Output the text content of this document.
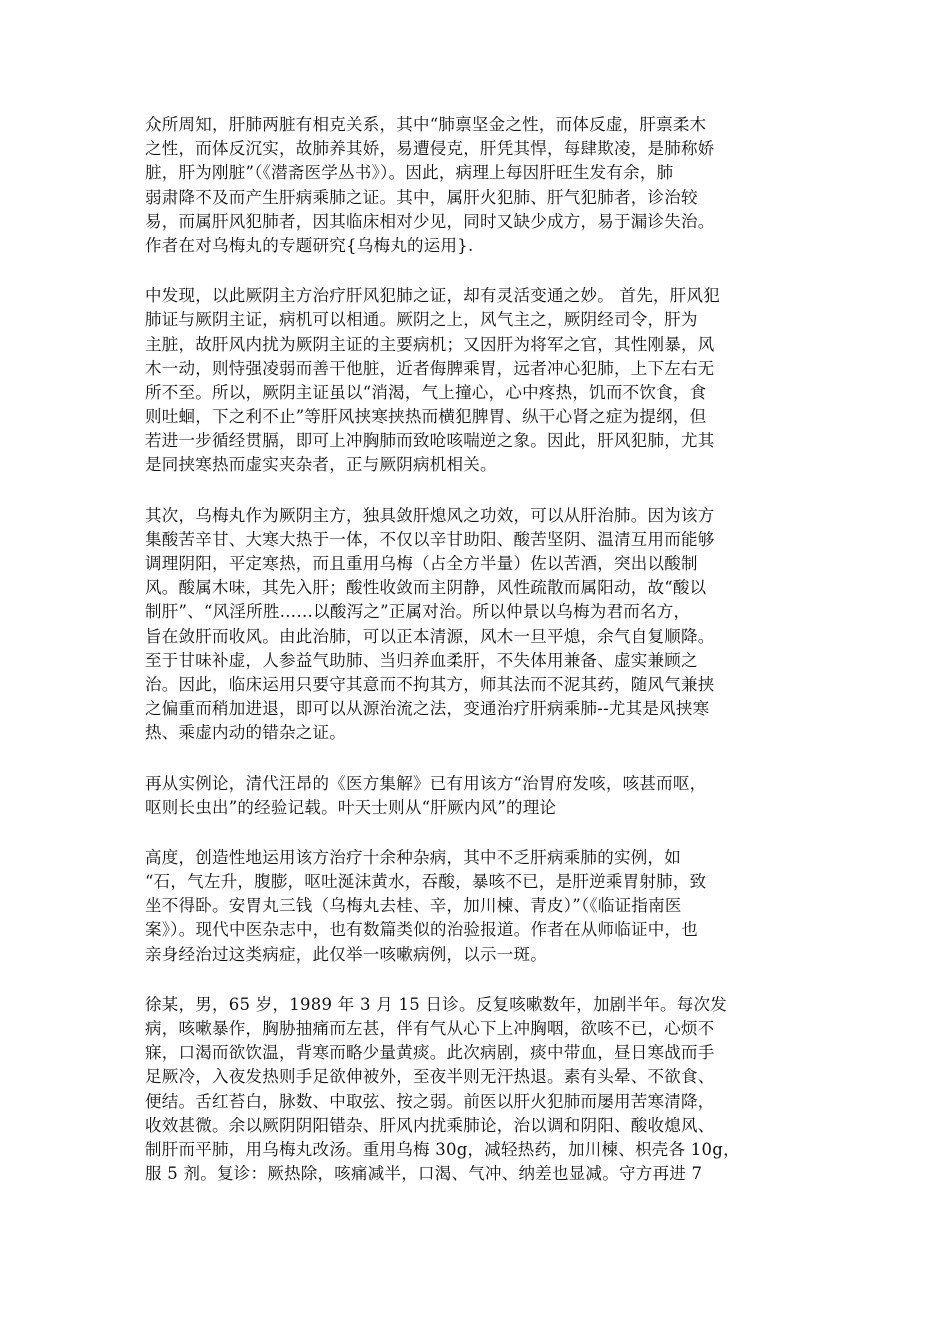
众所周知，肝肺两脏有相克关系，其中“肺禀坚金之性，而体反虚，肝禀柔木
之性，而体反沉实，故肺养其娇，易遭侵克，肝凭其悍，每肆欺凌，是肺称娇
脏，肝为刚脏”（《潜斋医学丛书》）。因此，病理上每因肝旺生发有余，肺
弱肃降不及而产生肝病乘肺之证。其中，属肝火犯肺、肝气犯肺者，诊治较
易，而属肝风犯肺者，因其临床相对少见，同时又缺少成方，易于漏诊失治。
作者在对乌梅丸的专题研究{乌梅丸的运用}.
中发现，以此厥阴主方治疗肝风犯肺之证，却有灵活变通之妙。 首先，肝风犯
肺证与厥阴主证，病机可以相通。厥阴之上，风气主之，厥阴经司令，肝为
主脏，故肝风内扰为厥阴主证的主要病机；又因肝为将军之官，其性刚暴，风
木一动，则恃强凌弱而善干他脏，近者侮脾乘胃，远者冲心犯肺，上下左右无
所不至。所以，厥阴主证虽以“消渴，气上撞心，心中疼热，饥而不饮食，食
则吐蛔，下之利不止”等肝风挟寒挟热而横犯脾胃、纵干心肾之症为提纲，但
若进一步循经贯膈，即可上冲胸肺而致呛咳喘逆之象。因此，肝风犯肺，尤其
是同挟寒热而虚实夹杂者，正与厥阴病机相关。
其次，乌梅丸作为厥阴主方，独具敛肝熄风之功效，可以从肝治肺。因为该方
集酸苦辛甘、大寒大热于一体，不仅以辛甘助阳、酸苦坚阴、温清互用而能够
调理阴阳，平定寒热，而且重用乌梅（占全方半量）佐以苦酒，突出以酸制
风。酸属木味，其先入肝；酸性收敛而主阴静，风性疏散而属阳动，故“酸以
制肝”、“风淫所胜……以酸泻之”正属对治。所以仲景以乌梅为君而名方，
旨在敛肝而收风。由此治肺，可以正本清源，风木一旦平熄，余气自复顺降。
至于甘味补虚，人参益气助肺、当归养血柔肝，不失体用兼备、虚实兼顾之
治。因此，临床运用只要守其意而不拘其方，师其法而不泥其药，随风气兼挟
之偏重而稍加进退，即可以从源治流之法，变通治疗肝病乘肺--尤其是风挟寒
热、乘虚内动的错杂之证。
再从实例论，清代汪昂的《医方集解》已有用该方“治胃府发咳，咳甚而呕，
呕则长虫出”的经验记载。叶天士则从“肝厥内风”的理论
高度，创造性地运用该方治疗十余种杂病，其中不乏肝病乘肺的实例，如
“石，气左升，腹膨，呕吐涎沫黄水，吞酸，暴咳不已，是肝逆乘胃射肺，致
坐不得卧。安胃丸三钱（乌梅丸去桂、辛，加川楝、青皮）”（《临证指南医
案》）。现代中医杂志中，也有数篇类似的治验报道。作者在从师临证中，也
亲身经治过这类病症，此仅举一咳嗽病例，以示一斑。
徐某，男，65 岁，1989 年 3 月 15 日诊。反复咳嗽数年，加剧半年。每次发
病，咳嗽暴作，胸胁抽痛而左甚，伴有气从心下上冲胸咽，欲咳不已，心烦不
寐，口渴而欲饮温，背寒而略少量黄痰。此次病剧，痰中带血，昼日寒战而手
足厥冷，入夜发热则手足欲伸被外，至夜半则无汗热退。素有头晕、不欲食、
便结。舌红苔白，脉数、中取弦、按之弱。前医以肝火犯肺而屡用苦寒清降，
收效甚微。余以厥阴阴阳错杂、肝风内扰乘肺论，治以调和阴阳、酸收熄风、
制肝而平肺，用乌梅丸改汤。重用乌梅 30g，减轻热药，加川楝、枳壳各 10g，
服 5 剂。复诊：厥热除，咳痛减半，口渴、气冲、纳差也显减。守方再进 7
